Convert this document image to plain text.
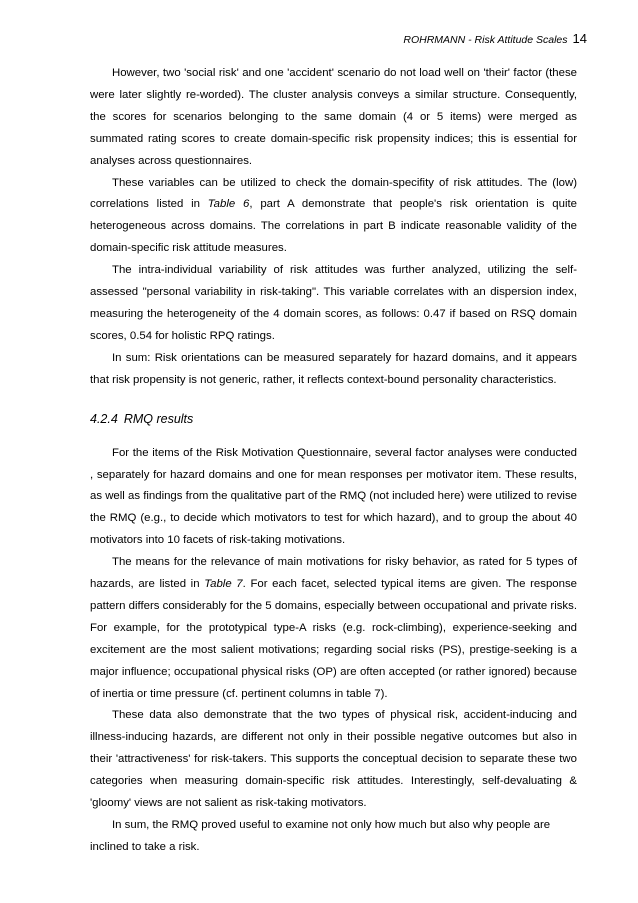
ROHRMANN - Risk Attitude Scales 14

However, two 'social risk' and one 'accident' scenario do not load well on 'their' factor (these were later slightly re-worded). The cluster analysis conveys a similar structure. Consequently, the scores for scenarios belonging to the same domain (4 or 5 items) were merged as summated rating scores to create domain-specific risk propensity indices; this is essential for analyses across questionnaires.

These variables can be utilized to check the domain-specifity of risk attitudes. The (low) correlations listed in Table 6, part A demonstrate that people's risk orientation is quite heterogeneous across domains. The correlations in part B indicate reasonable validity of the domain-specific risk attitude measures.

The intra-individual variability of risk attitudes was further analyzed, utilizing the self-assessed "personal variability in risk-taking". This variable correlates with an dispersion index, measuring the heterogeneity of the 4 domain scores, as follows: 0.47 if based on RSQ domain scores, 0.54 for holistic RPQ ratings.

In sum: Risk orientations can be measured separately for hazard domains, and it appears that risk propensity is not generic, rather, it reflects context-bound personality characteristics.

4.2.4 RMQ results

For the items of the Risk Motivation Questionnaire, several factor analyses were conducted , separately for hazard domains and one for mean responses per motivator item. These results, as well as findings from the qualitative part of the RMQ (not included here) were utilized to revise the RMQ (e.g., to decide which motivators to test for which hazard), and to group the about 40 motivators into 10 facets of risk-taking motivations.

The means for the relevance of main motivations for risky behavior, as rated for 5 types of hazards, are listed in Table 7. For each facet, selected typical items are given. The response pattern differs considerably for the 5 domains, especially between occupational and private risks. For example, for the prototypical type-A risks (e.g. rock-climbing), experience-seeking and excitement are the most salient motivations; regarding social risks (PS), prestige-seeking is a major influence; occupational physical risks (OP) are often accepted (or rather ignored) because of inertia or time pressure (cf. pertinent columns in table 7).

These data also demonstrate that the two types of physical risk, accident-inducing and illness-inducing hazards, are different not only in their possible negative outcomes but also in their 'attractiveness' for risk-takers. This supports the conceptual decision to separate these two categories when measuring domain-specific risk attitudes. Interestingly, self-devaluating & 'gloomy' views are not salient as risk-taking motivators.

In sum, the RMQ proved useful to examine not only how much but also why people are inclined to take a risk.
